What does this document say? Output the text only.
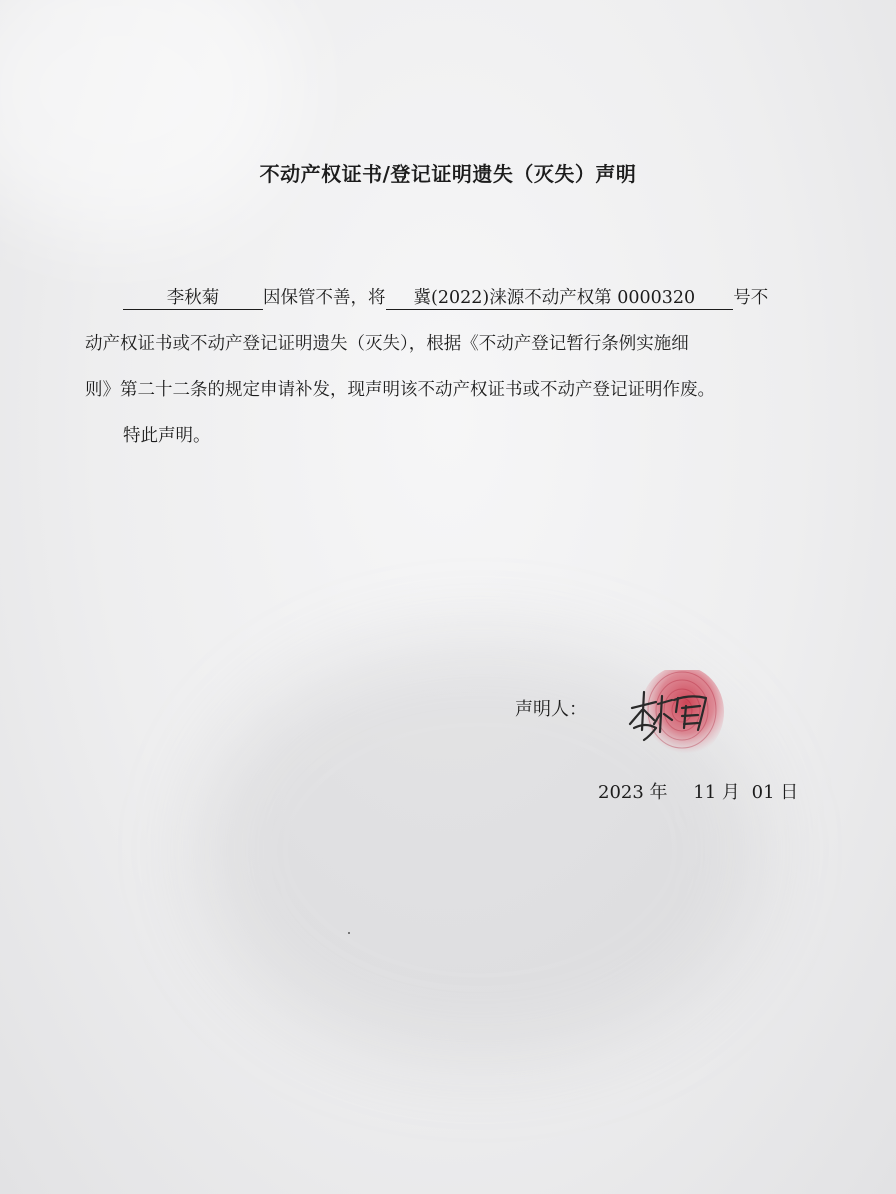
不动产权证书/登记证明遗失（灭失）声明
李秋菊	因保管不善，将 冀(2022)涞源不动产权第 0000320 号不
动产权证书或不动产登记证明遗失（灭失），根据《不动产登记暂行条例实施细
则》第二十二条的规定申请补发，现声明该不动产权证书或不动产登记证明作废。
特此声明。
声明人：
2023 年 11 月 01 日
